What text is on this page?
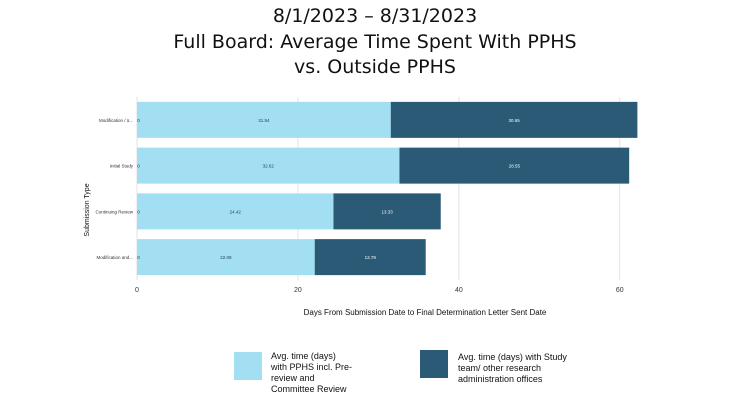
8/1/2023 – 8/31/2023
Full Board: Average Time Spent With PPHS
vs. Outside PPHS
0	20	40	60
Modification / ü...	31.54	30.65
0
Initial Study	32.62	28.55
0
Continuing Review	24.42	13.33
0
Modification and...	22.09	13.79
0
Days From Submission Date to Final Determination Letter Sent Date
Submission Type
Avg. time (days)
with PPHS incl. Pre-
review and
Committee Review
Avg. time (days) with Study
team/ other research
administration offices
